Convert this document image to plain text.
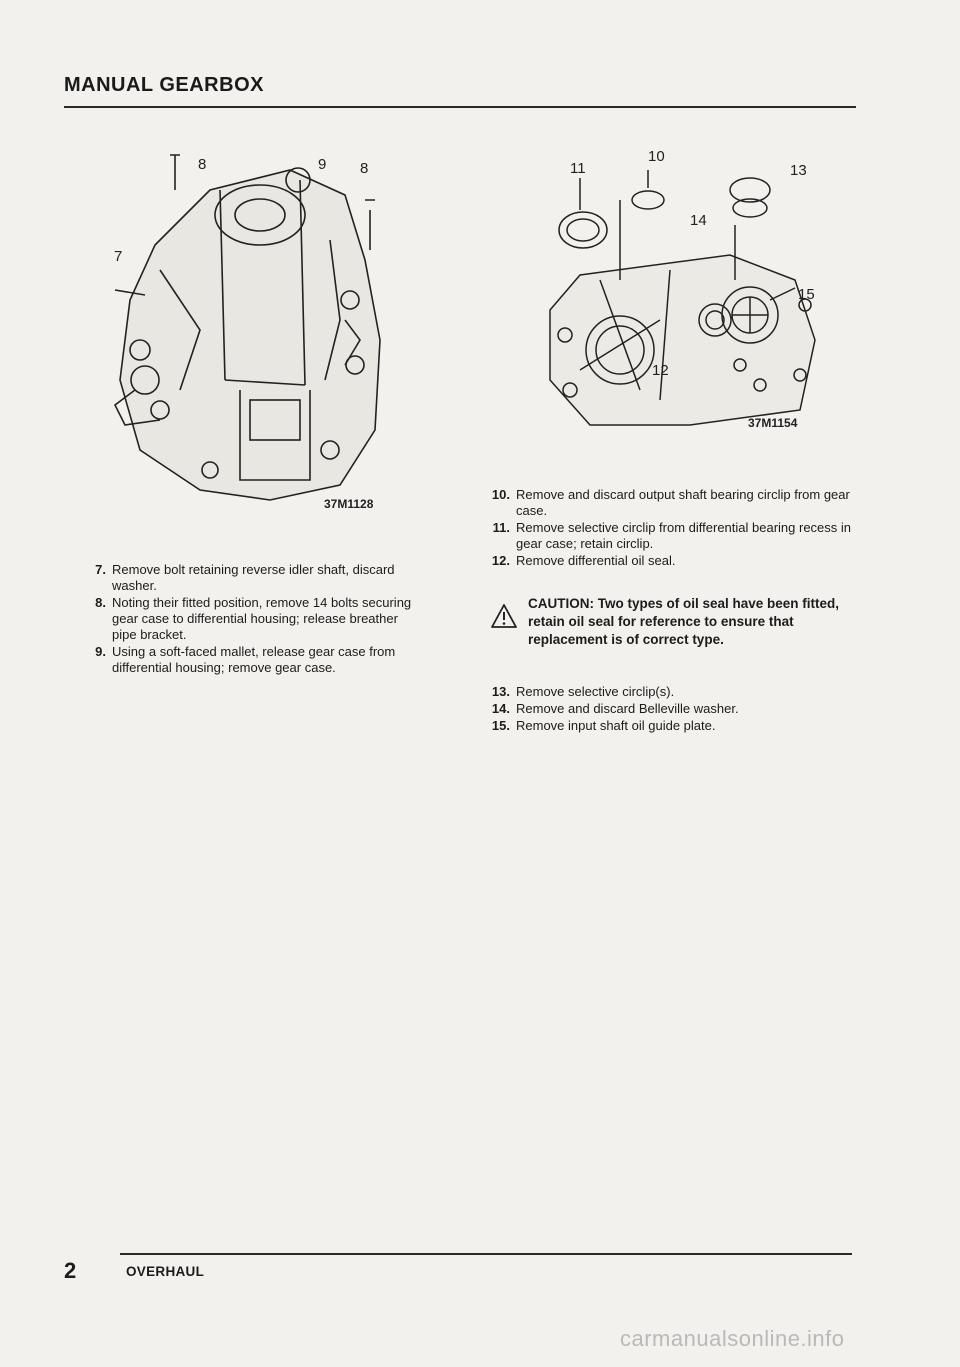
MANUAL GEARBOX
8	9 8
7
37M1128
11
10
13
14
15
12
37M1154
7. Remove bolt retaining reverse idler shaft, discard washer.
8. Noting their fitted position, remove 14 bolts securing gear case to differential housing; release breather pipe bracket.
9. Using a soft-faced mallet, release gear case from differential housing; remove gear case.
10. Remove and discard output shaft bearing circlip from gear case.
11. Remove selective circlip from differential bearing recess in gear case; retain circlip.
12. Remove differential oil seal.
CAUTION: Two types of oil seal have been fitted, retain oil seal for reference to ensure that replacement is of correct type.
13. Remove selective circlip(s).
14. Remove and discard Belleville washer.
15. Remove input shaft oil guide plate.
2	OVERHAUL
carmanualsonline.info
